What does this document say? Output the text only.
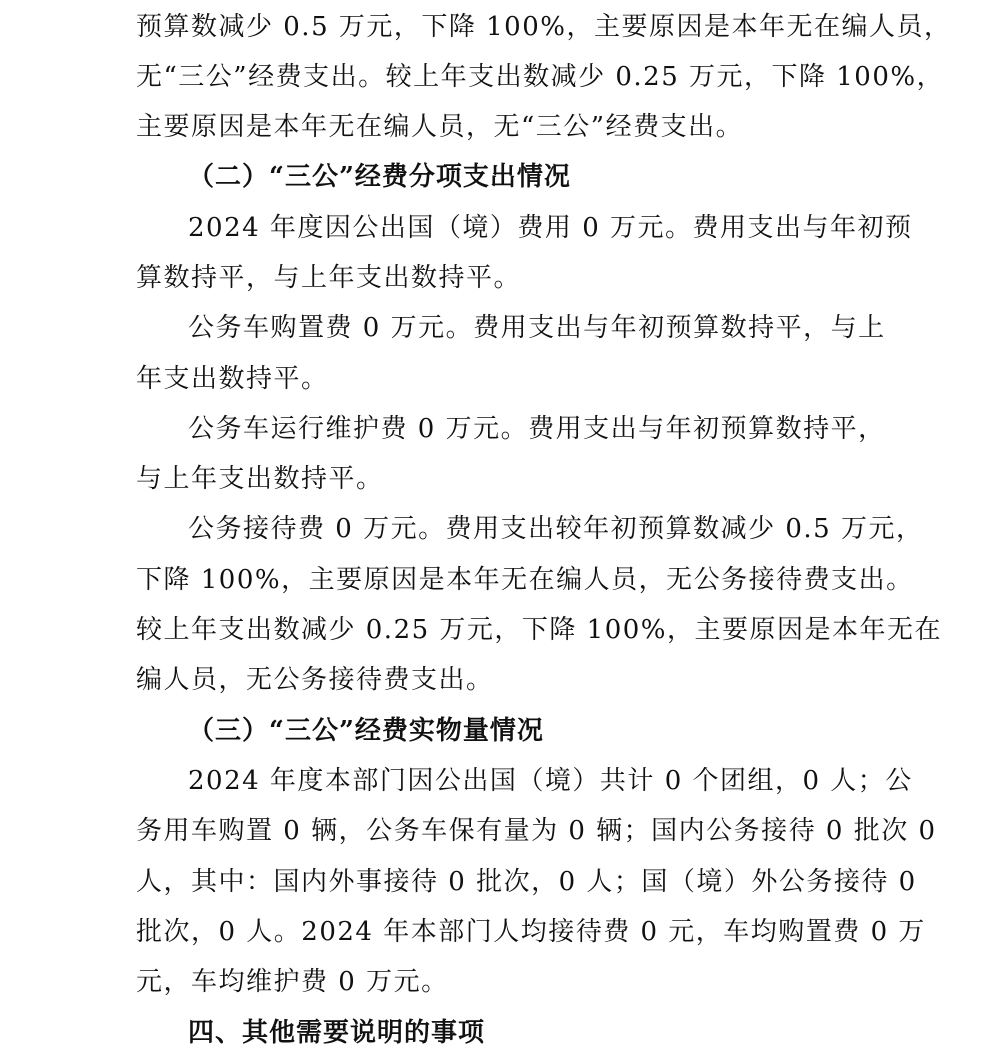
预算数减少 0.5 万元，下降 100%，主要原因是本年无在编人员，
无“三公”经费支出。较上年支出数减少 0.25 万元，下降 100%，
主要原因是本年无在编人员，无“三公”经费支出。
（二）“三公”经费分项支出情况
2024 年度因公出国（境）费用 0 万元。费用支出与年初预
算数持平，与上年支出数持平。
公务车购置费 0 万元。费用支出与年初预算数持平，与上
年支出数持平。
公务车运行维护费 0 万元。费用支出与年初预算数持平，
与上年支出数持平。
公务接待费 0 万元。费用支出较年初预算数减少 0.5 万元，
下降 100%，主要原因是本年无在编人员，无公务接待费支出。
较上年支出数减少 0.25 万元，下降 100%，主要原因是本年无在
编人员，无公务接待费支出。
（三）“三公”经费实物量情况
2024 年度本部门因公出国（境）共计 0 个团组，0 人；公
务用车购置 0 辆，公务车保有量为 0 辆；国内公务接待 0 批次 0
人，其中：国内外事接待 0 批次，0 人；国（境）外公务接待 0
批次，0 人。2024 年本部门人均接待费 0 元，车均购置费 0 万
元，车均维护费 0 万元。
四、其他需要说明的事项
